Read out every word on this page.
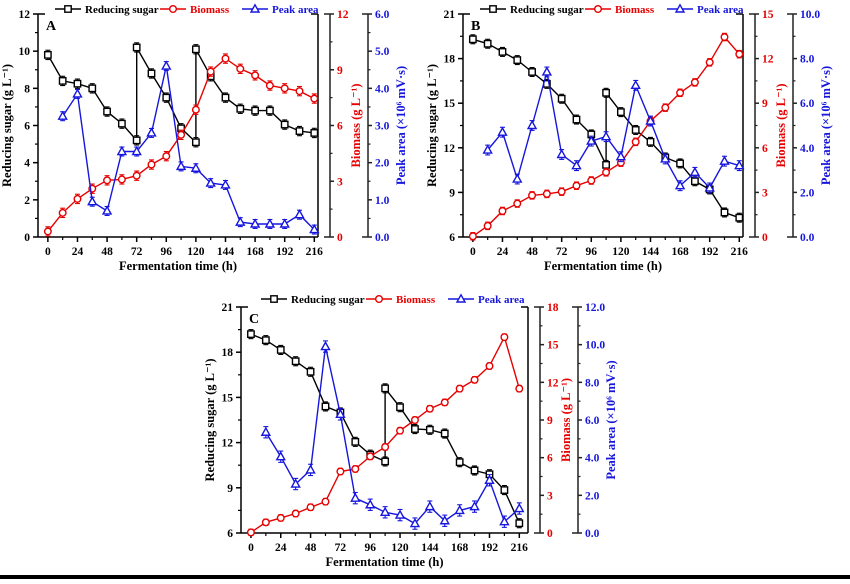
0
2
4
6
8
10
12
Reducing sugar (g L⁻¹)
0 24 48 72 96 120 144 168 192 216
Fermentation time (h)
0
3
6
9
12
Biomass (g L⁻¹)
0.0
1.0
2.0
3.0
4.0
5.0
6.0
Peak area (×10⁶ mV·s)
Reducing sugar	Biomass	Peak area
A
6
9
12
15
18
21
Reducing sugar (g L⁻¹)
0 24 48 72 96 120 144 168 192 216
Fermentation time (h)
0
3
6
9
12
15
Biomass (g L⁻¹)
0.0
2.0
4.0
6.0
8.0
10.0
Peak area (×10⁶ mV·s)
Reducing sugar	Biomass	Peak area
B
6
9
12
15
18
21
Reducing sugar (g L⁻¹)
0 24 48 72 96 120 144 168 192 216
Fermentation time (h)
0
3
6
9
12
15
18
Biomass (g L⁻¹)
0.0
2.0
4.0
6.0
8.0
10.0
12.0
Peak area (×10⁶ mV·s)
Reducing sugar	Biomass	Peak area
C
